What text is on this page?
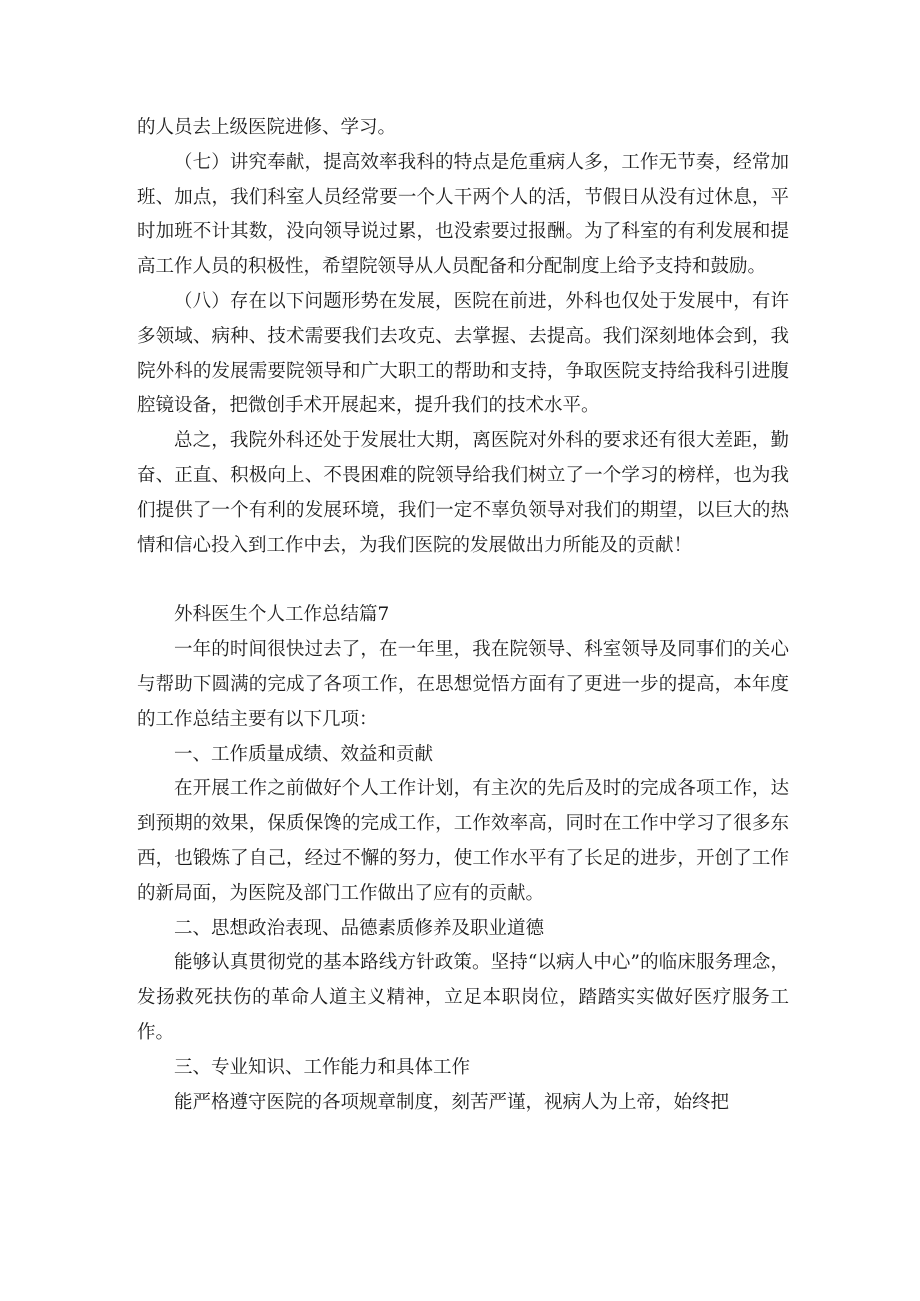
的人员去上级医院进修、学习。

（七）讲究奉献，提高效率我科的特点是危重病人多，工作无节奏，经常加班、加点，我们科室人员经常要一个人干两个人的活，节假日从没有过休息，平时加班不计其数，没向领导说过累，也没索要过报酬。为了科室的有利发展和提高工作人员的积极性，希望院领导从人员配备和分配制度上给予支持和鼓励。

（八）存在以下问题形势在发展，医院在前进，外科也仅处于发展中，有许多领域、病种、技术需要我们去攻克、去掌握、去提高。我们深刻地体会到，我院外科的发展需要院领导和广大职工的帮助和支持，争取医院支持给我科引进腹腔镜设备，把微创手术开展起来，提升我们的技术水平。

总之，我院外科还处于发展壮大期，离医院对外科的要求还有很大差距，勤奋、正直、积极向上、不畏困难的院领导给我们树立了一个学习的榜样，也为我们提供了一个有利的发展环境，我们一定不辜负领导对我们的期望，以巨大的热情和信心投入到工作中去，为我们医院的发展做出力所能及的贡献！

外科医生个人工作总结篇7

一年的时间很快过去了，在一年里，我在院领导、科室领导及同事们的关心与帮助下圆满的完成了各项工作，在思想觉悟方面有了更进一步的提高，本年度的工作总结主要有以下几项：

一、工作质量成绩、效益和贡献

在开展工作之前做好个人工作计划，有主次的先后及时的完成各项工作，达到预期的效果，保质保馋的完成工作，工作效率高，同时在工作中学习了很多东西，也锻炼了自己，经过不懈的努力，使工作水平有了长足的进步，开创了工作的新局面，为医院及部门工作做出了应有的贡献。

二、思想政治表现、品德素质修养及职业道德

能够认真贯彻党的基本路线方针政策。坚持“以病人中心”的临床服务理念，发扬救死扶伤的革命人道主义精神，立足本职岗位，踏踏实实做好医疗服务工作。

三、专业知识、工作能力和具体工作

能严格遵守医院的各项规章制度，刻苦严谨，视病人为上帝，始终把
